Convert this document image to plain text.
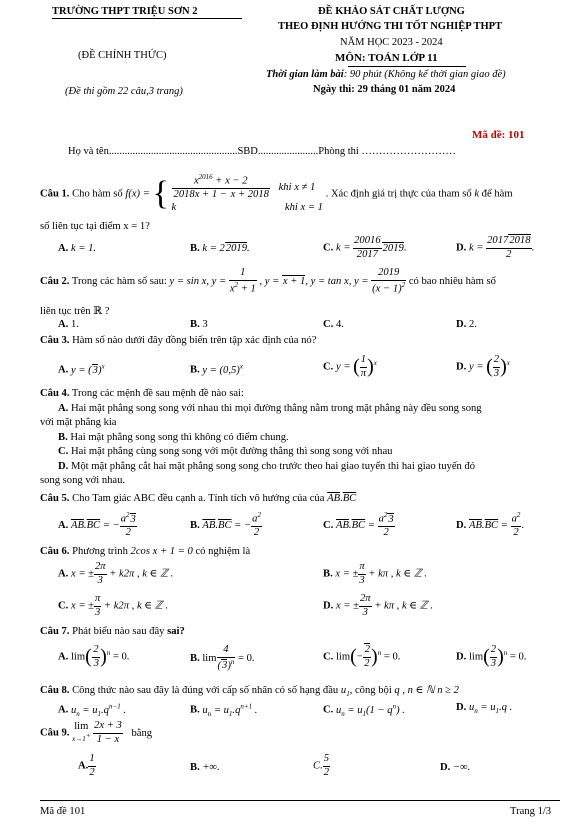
TRƯỜNG THPT TRIỆU SƠN 2
(ĐỀ CHÍNH THỨC)
(Đề thi gồm 22 câu,3 trang)
ĐỀ KHẢO SÁT CHẤT LƯỢNG
THEO ĐỊNH HƯỚNG THI TỐT NGHIỆP THPT
NĂM HỌC 2023 - 2024
MÔN: TOÁN LỚP 11
Thời gian làm bài: 90 phút (Không kể thời gian giao đề)
Ngày thi: 29 tháng 01 năm 2024
Mã đề: 101
Họ và tên.................................................SBD.......................Phòng thi ………………………
Câu 1. Cho hàm số f(x) = { $\frac{x^{2016} + x - 2}{2018x + 1 - x + 2018}$ khi x ≠ 1
k	khi x = 1
. Xác định giá trị thực của tham số k để hàm
số liên tục tại điểm x = 1?
A. k = 1.	B. k = 22019.	C. $k = \frac{20016}{2017} 2019$.	D. $k = \frac{20172018}{2}$ .
Câu 2. Trong các hàm số sau: y = sin x, $y = \frac{1}{x^2 + 1}$ , y = x + 1, y = tan x, $y = \frac{2019}{(x - 1)^2}$ có bao nhiêu hàm số
liên tục trên ℝ ?
A. 1.	B. 3	C. 4.	D. 2.
Câu 3. Hàm số nào dưới đây đồng biến trên tập xác định của nó?
A. $y = (3)^x$	B. $y = (0,5)^x$	C. y = ( $\frac{1}{\pi} )^x$	D. y = ( $\frac{2}{3} )^x$
Câu 4. Trong các mệnh đề sau mệnh đề nào sai:
A. Hai mặt phẳng song song với nhau thì mọi đường thẳng nằm trong mặt phẳng này đều song song
với mặt phẳng kia
B. Hai mặt phẳng song song thì không có điểm chung.
C. Hai mặt phẳng cùng song song với một đường thẳng thì song song với nhau
D. Một mặt phẳng cắt hai mặt phẳng song song cho trước theo hai giao tuyến thì hai giao tuyến đó
song song với nhau.
Câu 5. Cho Tam giác ABC đều cạnh a. Tính tích vô hướng của của $\overline{AB}.\overline{BC}$
A. $\overline{AB}.\overline{BC}$ = − $\frac{a^23}{2}$	B. $\overline{AB}.\overline{BC}$ = − $\frac{a^2}{2}$	C. $\overline{AB}.\overline{BC} = \frac{a^23}{2}$	D. $\overline{AB}.\overline{BC} = \frac{a^2}{2}$ .
Câu 6. Phương trình 2cos x + 1 = 0 có nghiệm là
A. x = ± $\frac{2\pi}{3} + k2\pi$ , k ∈ ℤ .	B. x = ± $\frac{\pi}{3} + k\pi$ , k ∈ ℤ .
C. x = ± $\frac{\pi}{3} + k2\pi$ , k ∈ ℤ .	D. x = ± $\frac{2\pi}{3} + k\pi$ , k ∈ ℤ .
Câu 7. Phát biểu nào sau đây sai?
A. $\lim( \frac{2}{3} )^n = 0$.	B. $\lim \frac{4}{(3)^n} = 0$.	C. $\lim(- \frac{2}{2} )^n = 0$.	D. $\lim( \frac{2}{3} )^n = 0$.
Câu 8. Công thức nào sau đây là đúng với cấp số nhân có số hạng đầu $u_1$, công bội q , n ∈ ℕ n ≥ 2
A. $u_n = u_1.q^{n-1}$ .	B. $u_n = u_1.q^{n+1}$ .	C. $u_n = u_1(1 - q^n)$ .	D. $u_n = u_1.q$ .
Câu 9. lim
$x\to 1+ \frac{2x + 3}{1 - x}$ bằng
A. $\frac{1}{2}$	B. +∞.	C. $\frac{5}{2}$	D. −∞.
Mã đề 101	Trang 1/3
